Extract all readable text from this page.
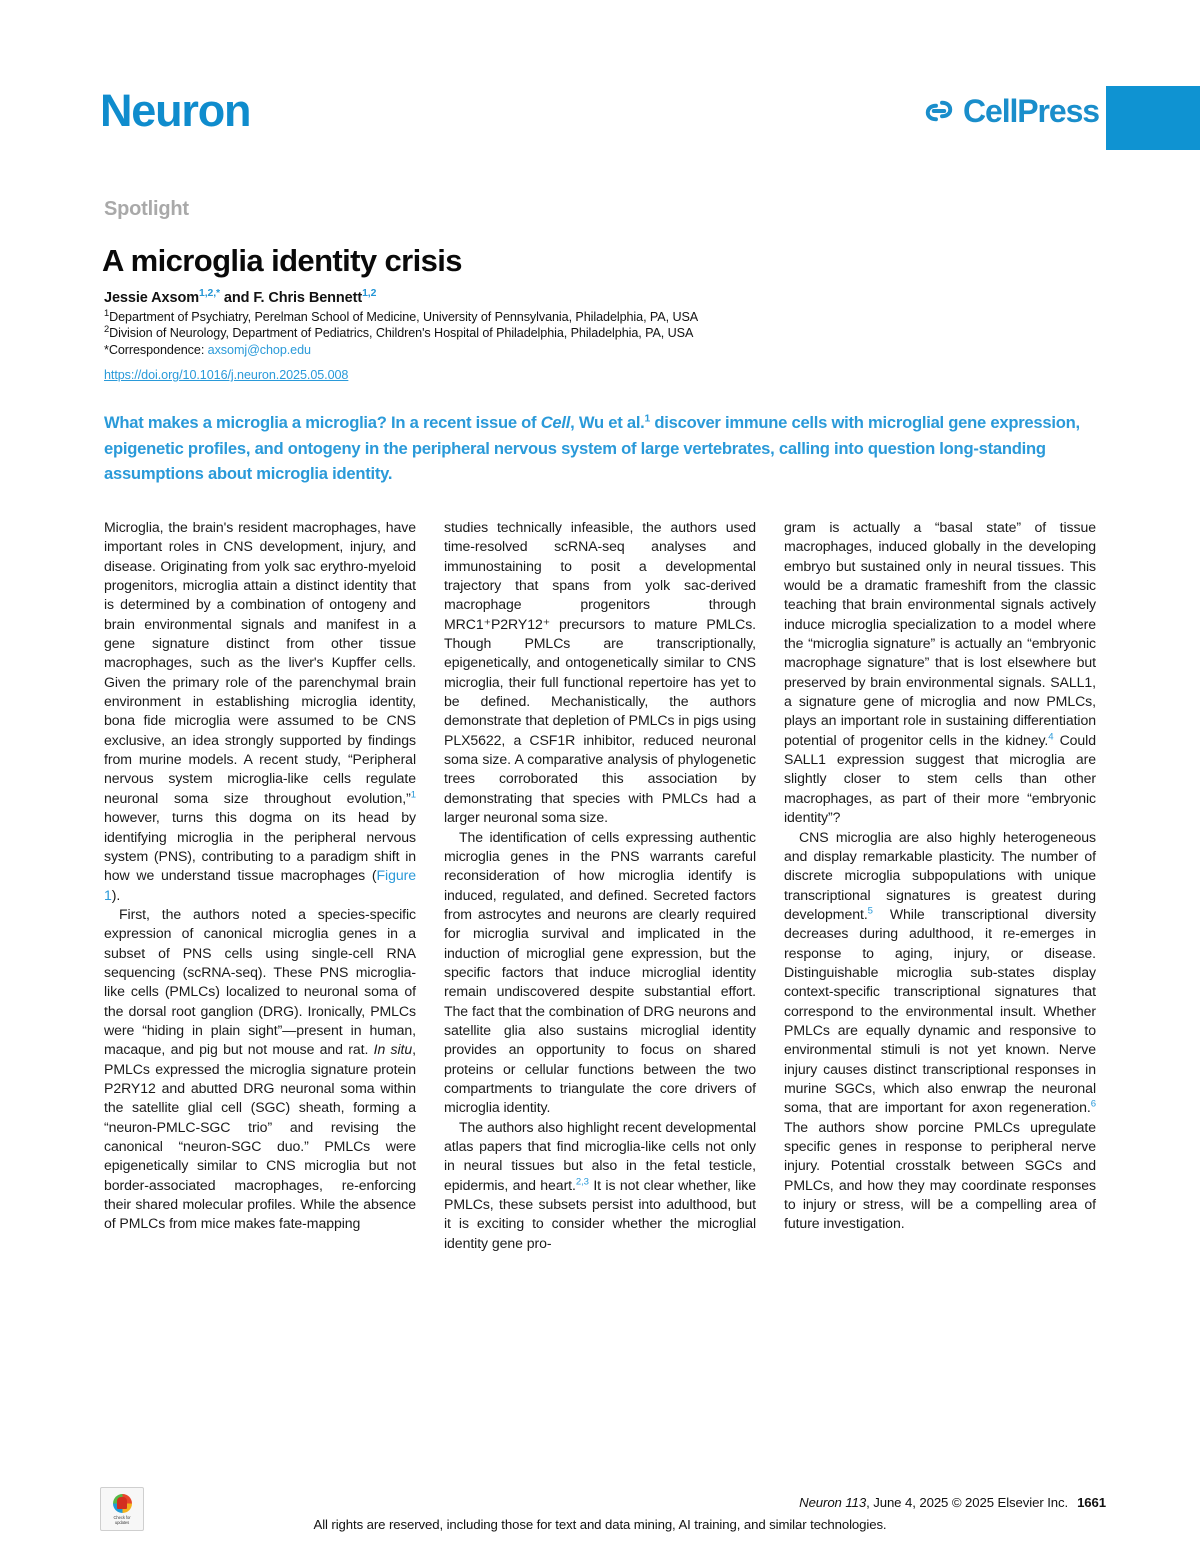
Neuron	CellPress
Spotlight
A microglia identity crisis
Jessie Axsom$^{1,2,*}$ and F. Chris Bennett$^{1,2}$
$^1$Department of Psychiatry, Perelman School of Medicine, University of Pennsylvania, Philadelphia, PA, USA
$^2$Division of Neurology, Department of Pediatrics, Children's Hospital of Philadelphia, Philadelphia, PA, USA
*Correspondence: axsomj@chop.edu
https://doi.org/10.1016/j.neuron.2025.05.008
What makes a microglia a microglia? In a recent issue of Cell, Wu et al.$^1$ discover immune cells with microglial gene expression, epigenetic profiles, and ontogeny in the peripheral nervous system of large vertebrates, calling into question long-standing assumptions about microglia identity.

Microglia, the brain's resident macrophages, have important roles in CNS development, injury, and disease. Originating from yolk sac erythro-myeloid progenitors, microglia attain a distinct identity that is determined by a combination of ontogeny and brain environmental signals and manifest in a gene signature distinct from other tissue macrophages, such as the liver's Kupffer cells. Given the primary role of the parenchymal brain environment in establishing microglia identity, bona fide microglia were assumed to be CNS exclusive, an idea strongly supported by findings from murine models. A recent study, “Peripheral nervous system microglia-like cells regulate neuronal soma size throughout evolution,”$^1$ however, turns this dogma on its head by identifying microglia in the peripheral nervous system (PNS), contributing to a paradigm shift in how we understand tissue macrophages (Figure 1).

First, the authors noted a species-specific expression of canonical microglia genes in a subset of PNS cells using single-cell RNA sequencing (scRNA-seq). These PNS microglia-like cells (PMLCs) localized to neuronal soma of the dorsal root ganglion (DRG). Ironically, PMLCs were “hiding in plain sight”—present in human, macaque, and pig but not mouse and rat. In situ, PMLCs expressed the microglia signature protein P2RY12 and abutted DRG neuronal soma within the satellite glial cell (SGC) sheath, forming a “neuron-PMLC-SGC trio” and revising the canonical “neuron-SGC duo.” PMLCs were epigenetically similar to CNS microglia but not border-associated macrophages, re-enforcing their shared molecular profiles. While the absence of PMLCs from mice makes fate-mapping

studies technically infeasible, the authors used time-resolved scRNA-seq analyses and immunostaining to posit a developmental trajectory that spans from yolk sac-derived macrophage progenitors through MRC1⁺P2RY12⁺ precursors to mature PMLCs. Though PMLCs are transcriptionally, epigenetically, and ontogenetically similar to CNS microglia, their full functional repertoire has yet to be defined. Mechanistically, the authors demonstrate that depletion of PMLCs in pigs using PLX5622, a CSF1R inhibitor, reduced neuronal soma size. A comparative analysis of phylogenetic trees corroborated this association by demonstrating that species with PMLCs had a larger neuronal soma size.

The identification of cells expressing authentic microglia genes in the PNS warrants careful reconsideration of how microglia identify is induced, regulated, and defined. Secreted factors from astrocytes and neurons are clearly required for microglia survival and implicated in the induction of microglial gene expression, but the specific factors that induce microglial identity remain undiscovered despite substantial effort. The fact that the combination of DRG neurons and satellite glia also sustains microglial identity provides an opportunity to focus on shared proteins or cellular functions between the two compartments to triangulate the core drivers of microglia identity.

The authors also highlight recent developmental atlas papers that find microglia-like cells not only in neural tissues but also in the fetal testicle, epidermis, and heart.$^{2,3}$ It is not clear whether, like PMLCs, these subsets persist into adulthood, but it is exciting to consider whether the microglial identity gene pro-

gram is actually a “basal state” of tissue macrophages, induced globally in the developing embryo but sustained only in neural tissues. This would be a dramatic frameshift from the classic teaching that brain environmental signals actively induce microglia specialization to a model where the “microglia signature” is actually an “embryonic macrophage signature” that is lost elsewhere but preserved by brain environmental signals. SALL1, a signature gene of microglia and now PMLCs, plays an important role in sustaining differentiation potential of progenitor cells in the kidney.$^4$ Could SALL1 expression suggest that microglia are slightly closer to stem cells than other macrophages, as part of their more “embryonic identity”?

CNS microglia are also highly heterogeneous and display remarkable plasticity. The number of discrete microglia subpopulations with unique transcriptional signatures is greatest during development.$^5$ While transcriptional diversity decreases during adulthood, it re-emerges in response to aging, injury, or disease. Distinguishable microglia sub-states display context-specific transcriptional signatures that correspond to the environmental insult. Whether PMLCs are equally dynamic and responsive to environmental stimuli is not yet known. Nerve injury causes distinct transcriptional responses in murine SGCs, which also enwrap the neuronal soma, that are important for axon regeneration.$^6$ The authors show porcine PMLCs upregulate specific genes in response to peripheral nerve injury. Potential crosstalk between SGCs and PMLCs, and how they may coordinate responses to injury or stress, will be a compelling area of future investigation.

Check for
updates
Neuron 113, June 4, 2025 © 2025 Elsevier Inc. 1661
All rights are reserved, including those for text and data mining, AI training, and similar technologies.
